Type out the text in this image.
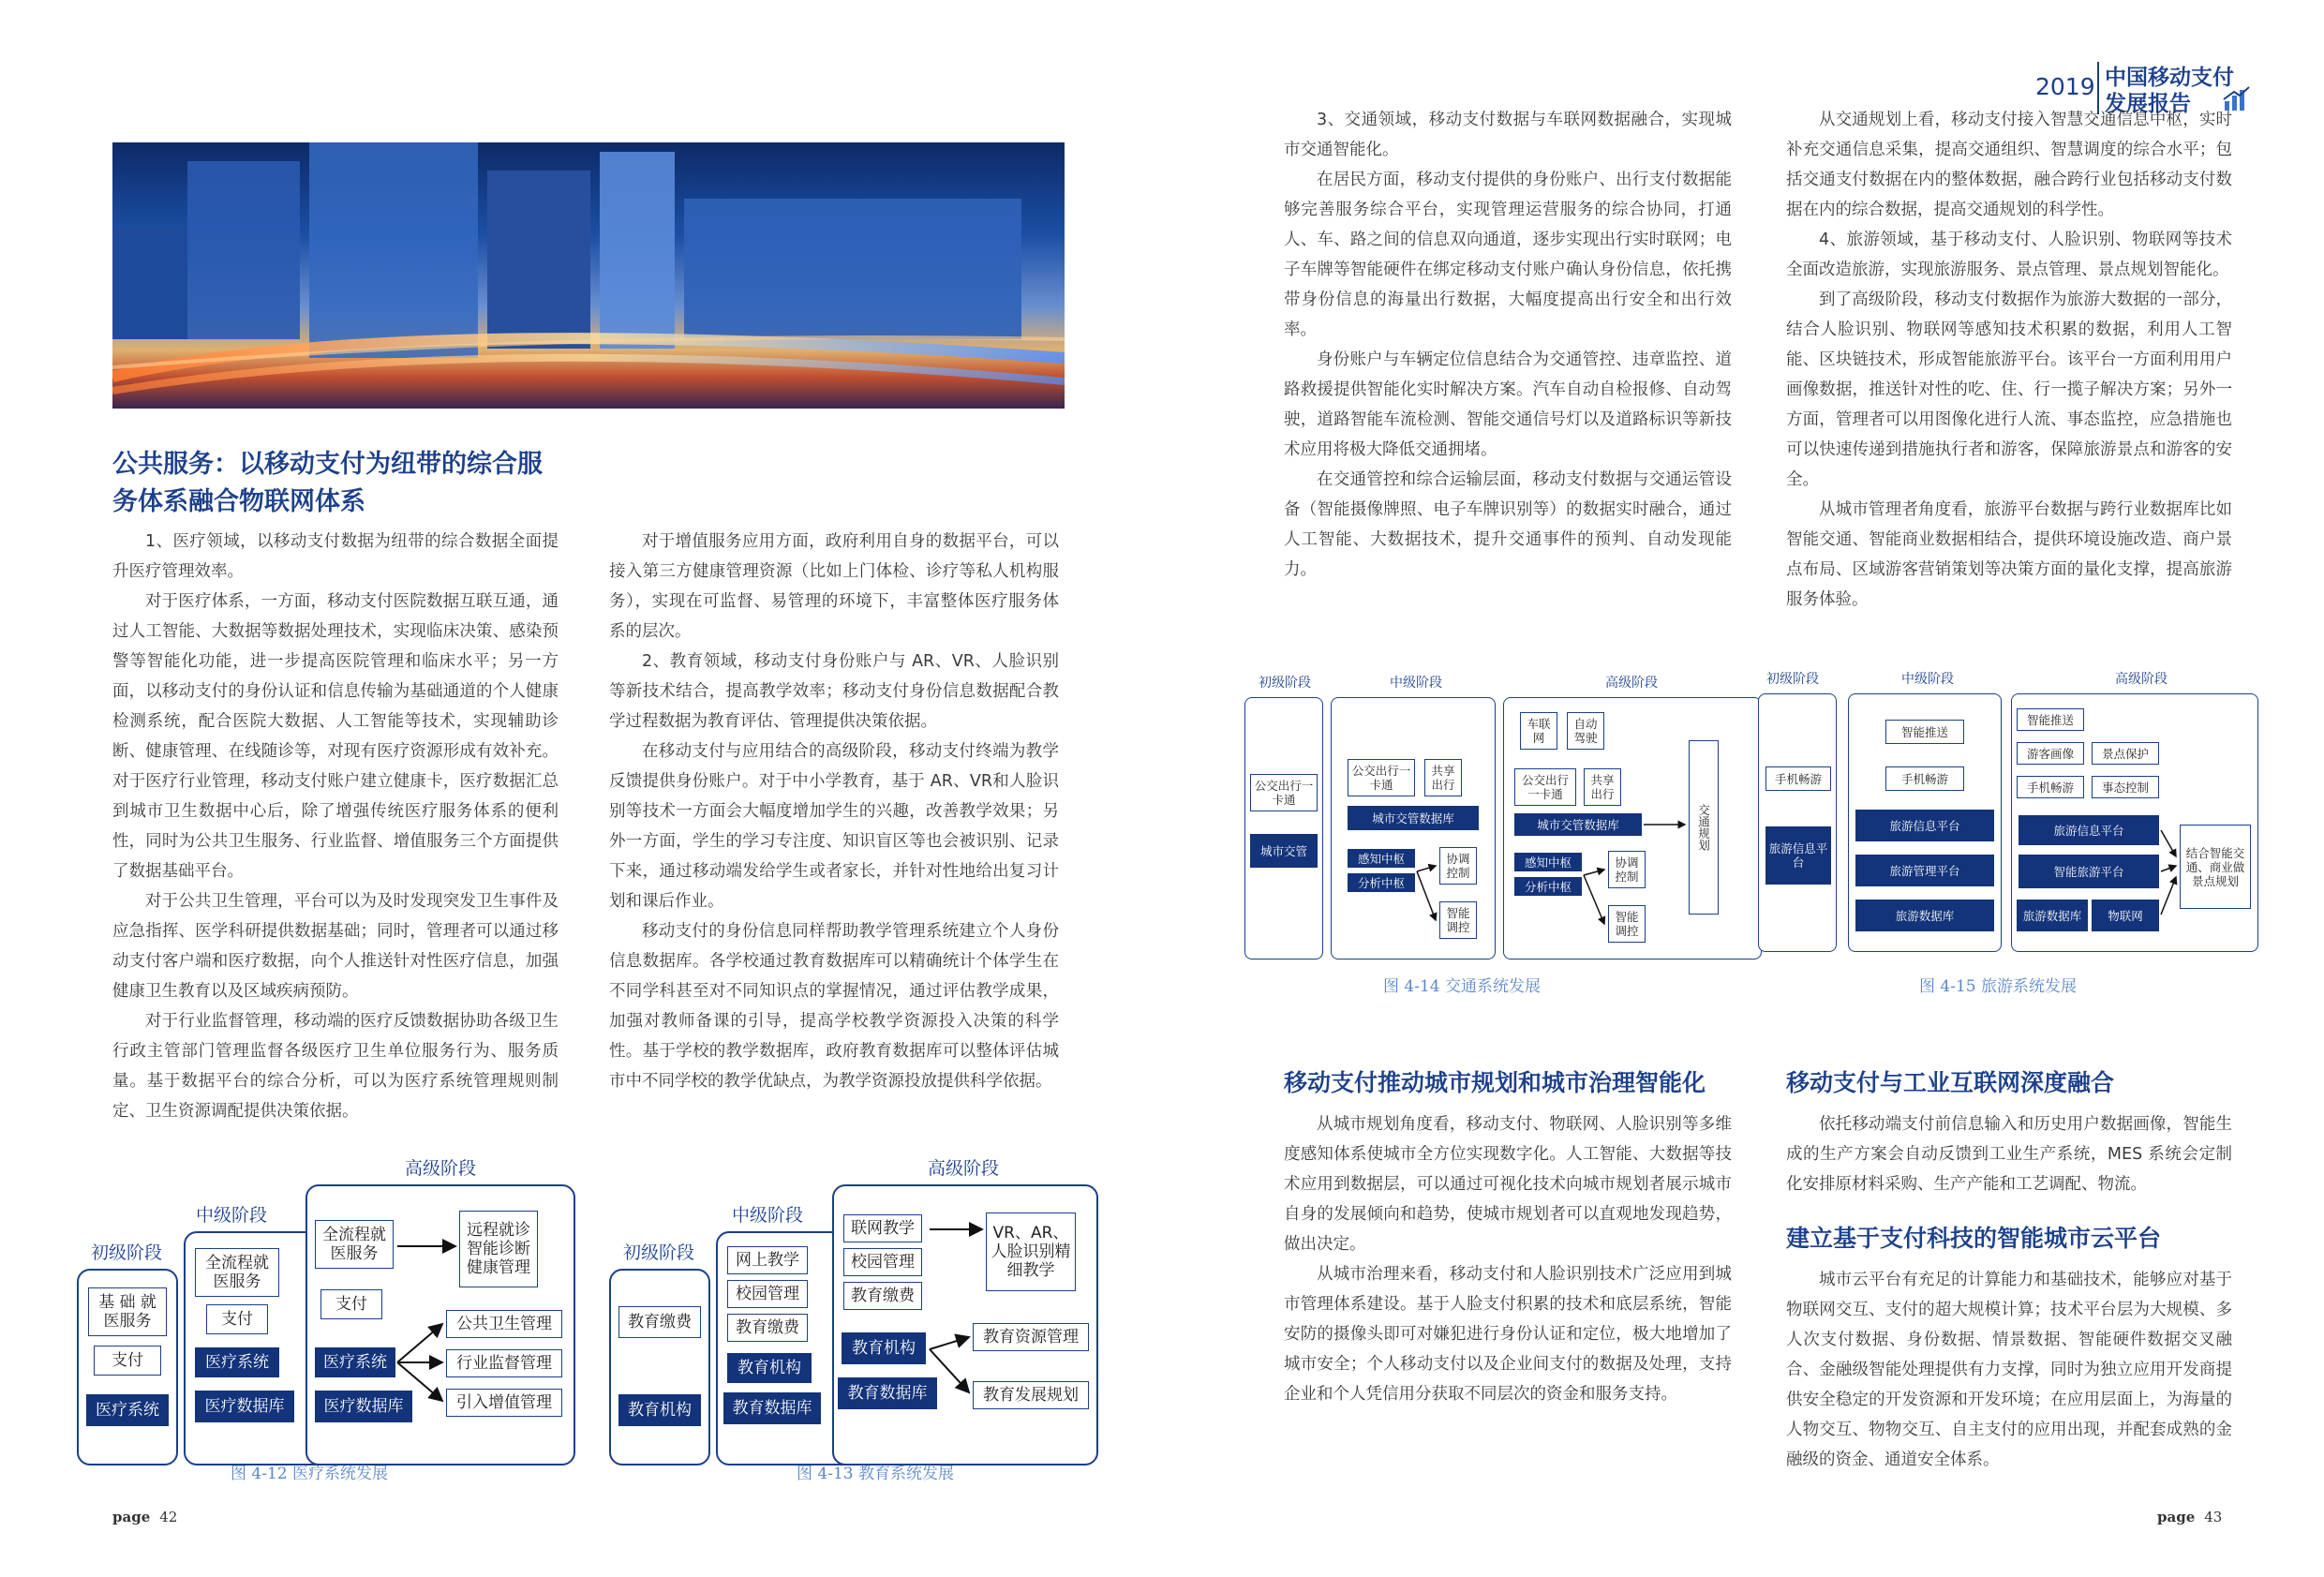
2019 中国移动支付
发展报告
公共服务：以移动支付为纽带的综合服
务体系融合物联网体系

1、医疗领域，以移动支付数据为纽带的综合数据全面提升医疗管理效率。

对于医疗体系，一方面，移动支付医院数据互联互通，通过人工智能、大数据等数据处理技术，实现临床决策、感染预警等智能化功能，进一步提高医院管理和临床水平；另一方面，以移动支付的身份认证和信息传输为基础通道的个人健康检测系统，配合医院大数据、人工智能等技术，实现辅助诊断、健康管理、在线随诊等，对现有医疗资源形成有效补充。对于医疗行业管理，移动支付账户建立健康卡，医疗数据汇总到城市卫生数据中心后，除了增强传统医疗服务体系的便利性，同时为公共卫生服务、行业监督、增值服务三个方面提供了数据基础平台。

对于公共卫生管理，平台可以为及时发现突发卫生事件及应急指挥、医学科研提供数据基础；同时，管理者可以通过移动支付客户端和医疗数据，向个人推送针对性医疗信息，加强健康卫生教育以及区域疾病预防。

对于行业监督管理，移动端的医疗反馈数据协助各级卫生行政主管部门管理监督各级医疗卫生单位服务行为、服务质量。基于数据平台的综合分析，可以为医疗系统管理规则制定、卫生资源调配提供决策依据。

对于增值服务应用方面，政府利用自身的数据平台，可以接入第三方健康管理资源（比如上门体检、诊疗等私人机构服务），实现在可监督、易管理的环境下，丰富整体医疗服务体系的层次。

2、教育领域，移动支付身份账户与 AR、VR、人脸识别等新技术结合，提高教学效率；移动支付身份信息数据配合教学过程数据为教育评估、管理提供决策依据。

在移动支付与应用结合的高级阶段，移动支付终端为教学反馈提供身份账户。对于中小学教育，基于 AR、VR和人脸识别等技术一方面会大幅度增加学生的兴趣，改善教学效果；另外一方面，学生的学习专注度、知识盲区等也会被识别、记录下来，通过移动端发给学生或者家长，并针对性地给出复习计划和课后作业。

移动支付的身份信息同样帮助教学管理系统建立个人身份信息数据库。各学校通过教育数据库可以精确统计个体学生在不同学科甚至对不同知识点的掌握情况，通过评估教学成果，加强对教师备课的引导，提高学校教学资源投入决策的科学性。基于学校的教学数据库，政府教育数据库可以整体评估城市中不同学校的教学优缺点，为教学资源投放提供科学依据。

初级阶段
中级阶段
高级阶段
基 础 就医服务
支付
医疗系统
全流程就医服务
支付
医疗系统
医疗数据库
全流程就医服务
支付
医疗系统
医疗数据库
远程就诊智能诊断健康管理
公共卫生管理
行业监督管理
引入增值管理
图 4-12 医疗系统发展
初级阶段
中级阶段
高级阶段
教育缴费
教育机构
网上教学
校园管理
教育缴费
教育机构
教育数据库
联网教学
校园管理
教育缴费
教育机构
教育数据库
VR、AR、人脸识别精细教学
教育资源管理
教育发展规划
图 4-13 教育系统发展
page 42

3、交通领域，移动支付数据与车联网数据融合，实现城市交通智能化。

在居民方面，移动支付提供的身份账户、出行支付数据能够完善服务综合平台，实现管理运营服务的综合协同，打通人、车、路之间的信息双向通道，逐步实现出行实时联网；电子车牌等智能硬件在绑定移动支付账户确认身份信息，依托携带身份信息的海量出行数据，大幅度提高出行安全和出行效率。

身份账户与车辆定位信息结合为交通管控、违章监控、道路救援提供智能化实时解决方案。汽车自动自检报修、自动驾驶，道路智能车流检测、智能交通信号灯以及道路标识等新技术应用将极大降低交通拥堵。

在交通管控和综合运输层面，移动支付数据与交通运管设备（智能摄像牌照、电子车牌识别等）的数据实时融合，通过人工智能、大数据技术，提升交通事件的预判、自动发现能力。

从交通规划上看，移动支付接入智慧交通信息中枢，实时补充交通信息采集，提高交通组织、智慧调度的综合水平；包括交通支付数据在内的整体数据，融合跨行业包括移动支付数据在内的综合数据，提高交通规划的科学性。

4、旅游领域，基于移动支付、人脸识别、物联网等技术全面改造旅游，实现旅游服务、景点管理、景点规划智能化。

到了高级阶段，移动支付数据作为旅游大数据的一部分，结合人脸识别、物联网等感知技术积累的数据，利用人工智能、区块链技术，形成智能旅游平台。该平台一方面利用用户画像数据，推送针对性的吃、住、行一揽子解决方案；另外一方面，管理者可以用图像化进行人流、事态监控，应急措施也可以快速传递到措施执行者和游客，保障旅游景点和游客的安全。

从城市管理者角度看，旅游平台数据与跨行业数据库比如智能交通、智能商业数据相结合，提供环境设施改造、商户景点布局、区域游客营销策划等决策方面的量化支撑，提高旅游服务体验。

初级阶段	中级阶段	高级阶段
公交出行一卡通
城市交管
公交出行一卡通
共享出行
城市交管数据库
感知中枢
分析中枢
协调控制
智能调控
车联网
自动驾驶
公交出行一卡通
共享出行
城市交管数据库
感知中枢
分析中枢
协调控制
智能调控
交通规划
图 4-14 交通系统发展
初级阶段	中级阶段	高级阶段
手机畅游
旅游信息平台
智能推送
手机畅游
旅游信息平台
旅游管理平台
旅游数据库
智能推送
游客画像	景点保护
手机畅游	事态控制
旅游信息平台
智能旅游平台
旅游数据库	物联网
结合智能交通、商业做景点规划
图 4-15 旅游系统发展
移动支付推动城市规划和城市治理智能化

从城市规划角度看，移动支付、物联网、人脸识别等多维度感知体系使城市全方位实现数字化。人工智能、大数据等技术应用到数据层，可以通过可视化技术向城市规划者展示城市自身的发展倾向和趋势，使城市规划者可以直观地发现趋势，做出决定。

从城市治理来看，移动支付和人脸识别技术广泛应用到城市管理体系建设。基于人脸支付积累的技术和底层系统，智能安防的摄像头即可对嫌犯进行身份认证和定位，极大地增加了城市安全；个人移动支付以及企业间支付的数据及处理，支持企业和个人凭信用分获取不同层次的资金和服务支持。

移动支付与工业互联网深度融合

依托移动端支付前信息输入和历史用户数据画像，智能生成的生产方案会自动反馈到工业生产系统，MES 系统会定制化安排原材料采购、生产产能和工艺调配、物流。

建立基于支付科技的智能城市云平台

城市云平台有充足的计算能力和基础技术，能够应对基于物联网交互、支付的超大规模计算；技术平台层为大规模、多人次支付数据、身份数据、情景数据、智能硬件数据交叉融合、金融级智能处理提供有力支撑，同时为独立应用开发商提供安全稳定的开发资源和开发环境；在应用层面上，为海量的人物交互、物物交互、自主支付的应用出现，并配套成熟的金融级的资金、通道安全体系。

page 43
